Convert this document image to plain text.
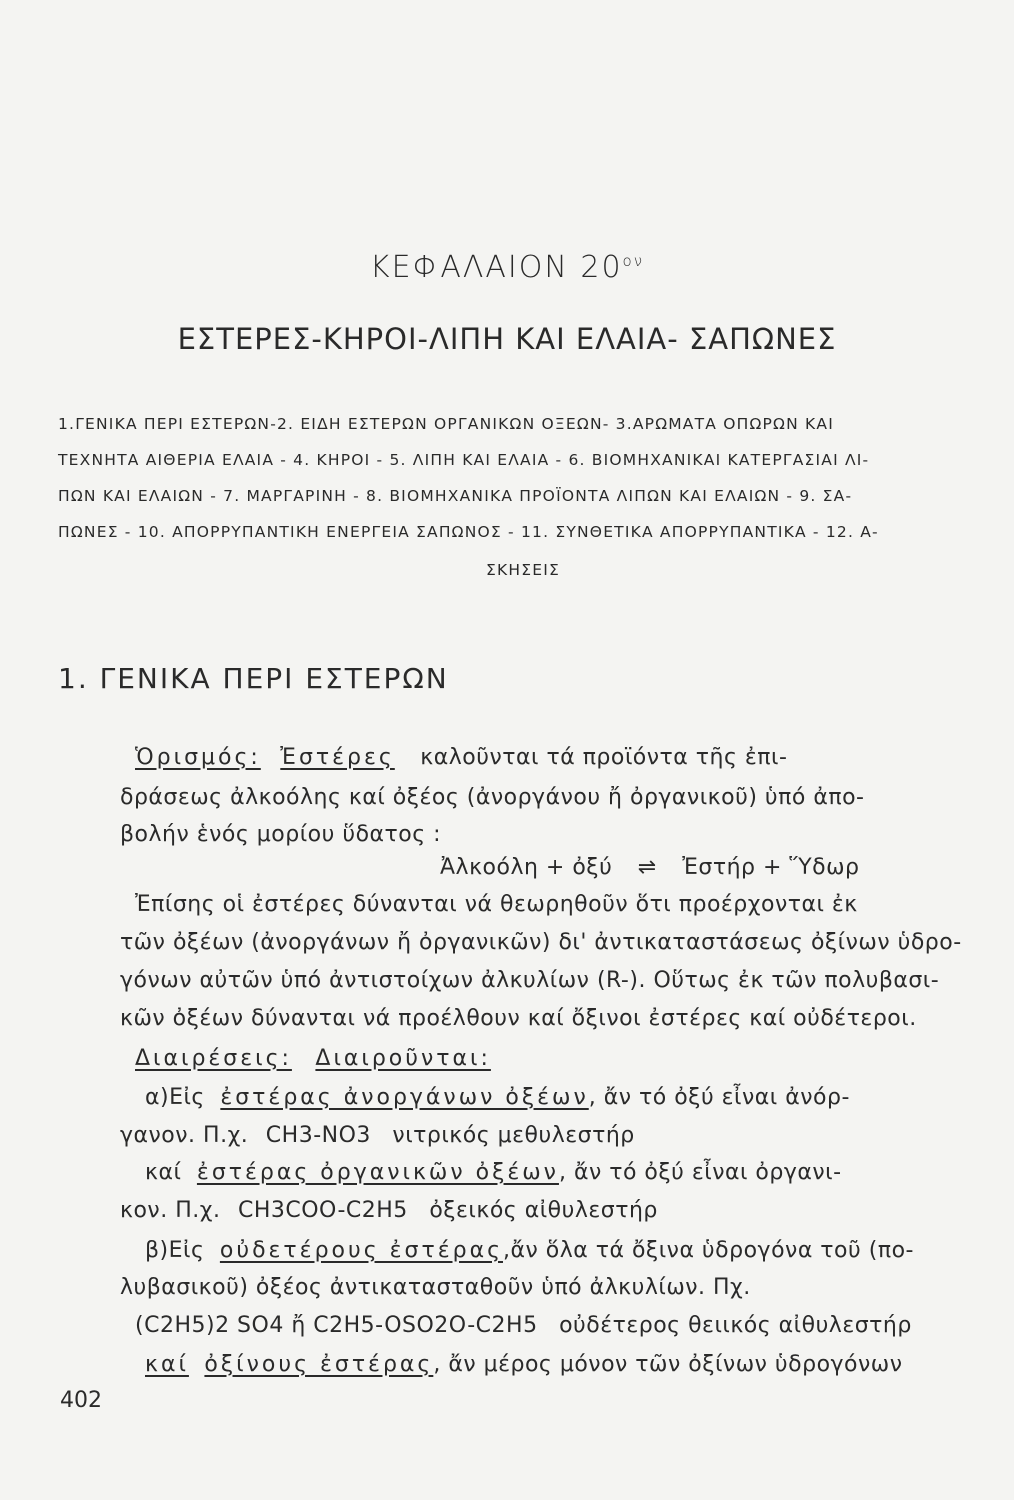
ΚΕΦΑΛΑΙΟΝ $20^{o\nu}$
ΕΣΤΕΡΕΣ-ΚΗΡΟΙ-ΛΙΠΗ ΚΑΙ ΕΛΑΙΑ- ΣΑΠΩΝΕΣ
1.ΓΕΝΙΚΑ ΠΕΡΙ ΕΣΤΕΡΩΝ-2. ΕΙΔΗ ΕΣΤΕΡΩΝ ΟΡΓΑΝΙΚΩΝ ΟΞΕΩΝ- 3.ΑΡΩΜΑΤΑ ΟΠΩΡΩΝ ΚΑΙ
ΤΕΧΝΗΤΑ ΑΙΘΕΡΙΑ ΕΛΑΙΑ - 4. ΚΗΡΟΙ - 5. ΛΙΠΗ ΚΑΙ ΕΛΑΙΑ - 6. ΒΙΟΜΗΧΑΝΙΚΑΙ ΚΑΤΕΡΓΑΣΙΑΙ ΛΙ-
ΠΩΝ ΚΑΙ ΕΛΑΙΩΝ - 7. ΜΑΡΓΑΡΙΝΗ - 8. ΒΙΟΜΗΧΑΝΙΚΑ ΠΡΟΪΟΝΤΑ ΛΙΠΩΝ ΚΑΙ ΕΛΑΙΩΝ - 9. ΣΑ-
ΠΩΝΕΣ - 10. ΑΠΟΡΡΥΠΑΝΤΙΚΗ ΕΝΕΡΓΕΙΑ ΣΑΠΩΝΟΣ - 11. ΣΥΝΘΕΤΙΚΑ ΑΠΟΡΡΥΠΑΝΤΙΚΑ - 12. Α-
ΣΚΗΣΕΙΣ
1. ΓΕΝΙΚΑ ΠΕΡΙ ΕΣΤΕΡΩΝ
Ὁρισμός: Ἐστέρες καλοῦνται τά προϊόντα τῆς ἐπι-
δράσεως ἀλκοόλης καί ὀξέος (ἀνοργάνου ἤ ὀργανικοῦ) ὑπό ἀπο-
βολήν ἑνός μορίου ὕδατος :
Ἀλκοόλη + ὀξύ ⇌ Ἐστήρ + Ὕδωρ
Ἐπίσης οἱ ἐστέρες δύνανται νά θεωρηθοῦν ὅτι προέρχονται ἐκ
τῶν ὀξέων (ἀνοργάνων ἤ ὀργανικῶν) δι' ἀντικαταστάσεως ὀξίνων ὑδρο-
γόνων αὐτῶν ὑπό ἀντιστοίχων ἀλκυλίων (R-). Οὕτως ἐκ τῶν πολυβασι-
κῶν ὀξέων δύνανται νά προέλθουν καί ὄξινοι ἐστέρες καί οὐδέτεροι.
Διαιρέσεις: Διαιροῦνται:
α)Εἰς ἐστέρας ἀνοργάνων ὀξέων, ἄν τό ὀξύ εἶναι ἀνόρ-
γανον. Π.χ. CH3-NO3 νιτρικός μεθυλεστήρ
καί ἐστέρας ὀργανικῶν ὀξέων, ἄν τό ὀξύ εἶναι ὀργανι-
κον. Π.χ. CH3COO-C2H5 ὀξεικός αἰθυλεστήρ
β)Εἰς οὐδετέρους ἐστέρας,ἄν ὅλα τά ὄξινα ὑδρογόνα τοῦ (πο-
λυβασικοῦ) ὀξέος ἀντικατασταθοῦν ὑπό ἀλκυλίων. Πχ.
(C2H5)2 SO4 ἤ C2H5-OSO2O-C2H5 οὐδέτερος θειικός αἰθυλεστήρ
καί ὀξίνους ἐστέρας, ἄν μέρος μόνον τῶν ὀξίνων ὑδρογόνων
402
